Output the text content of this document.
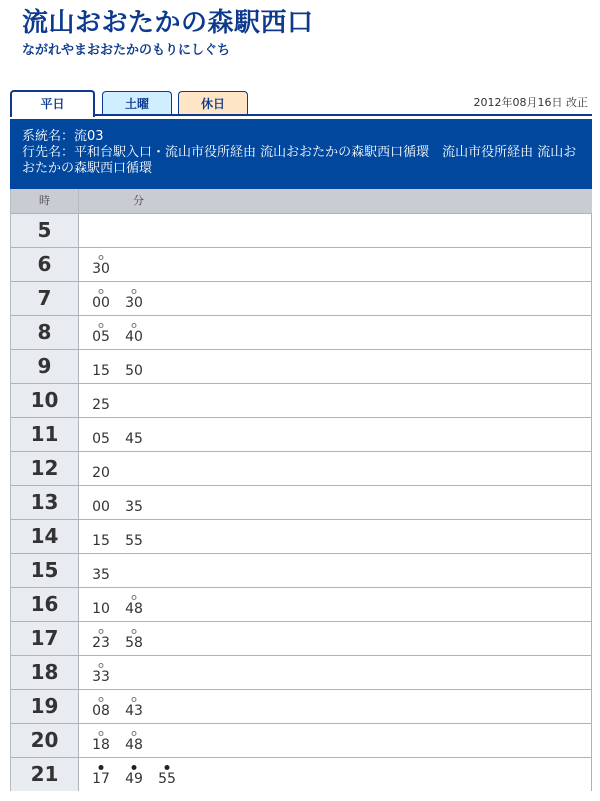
流山おおたかの森駅西口
ながれやまおおたかのもりにしぐち
平日	土曜	休日	2012年08月16日 改正
系統名：流03
行先名：平和台駅入口・流山市役所経由 流山おおたかの森駅西口循環　流山市役所経由 流山おおたかの森駅西口循環
時	分
5
6	30
7	00 30
8	05 40
9	15 50
10	25
11	05 45
12	20
13	00 35
14	15 55
15	35
16	10 48
17	23 58
18	33
19	08 43
20	18 48
21	17 49 55
